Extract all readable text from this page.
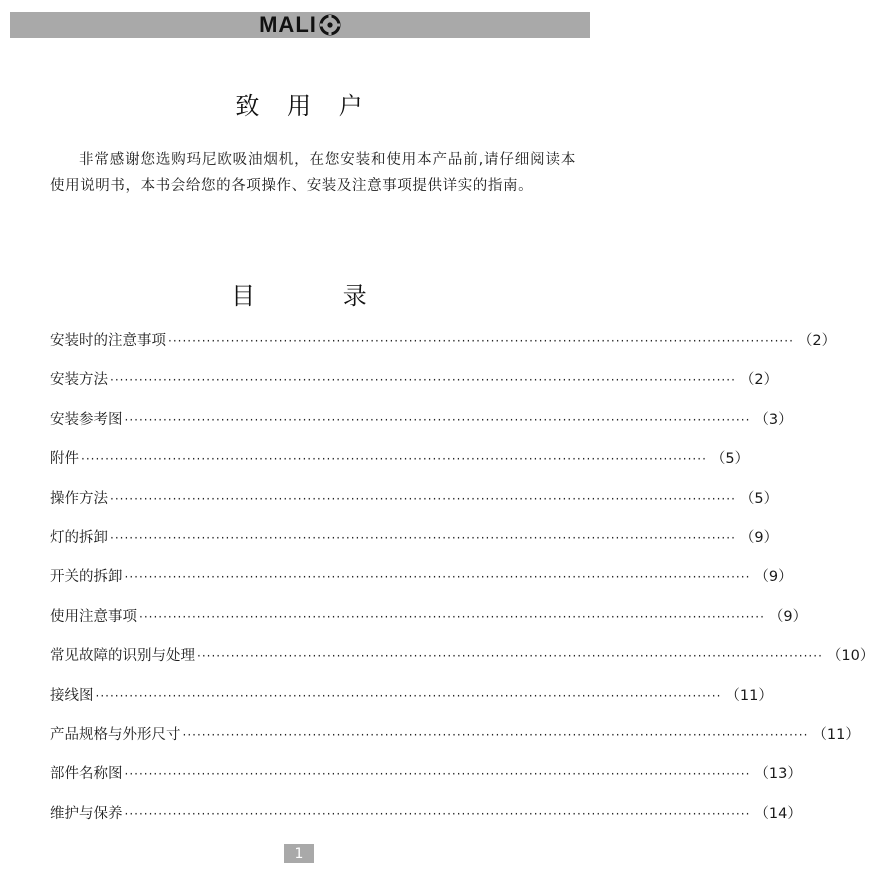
MALI
致 用 户

非常感谢您选购玛尼欧吸油烟机，在您安装和使用本产品前,请仔细阅读本使用说明书，本书会给您的各项操作、安装及注意事项提供详实的指南。

目 录
安装时的注意事项 ·································································································································· （2）
安装方法 ·································································································································· （2）
安装参考图 ·································································································································· （3）
附件 ·································································································································· （5）
操作方法 ·································································································································· （5）
灯的拆卸 ·································································································································· （9）
开关的拆卸 ·································································································································· （9）
使用注意事项 ·································································································································· （9）
常见故障的识别与处理 ·································································································································· （10）
接线图 ·································································································································· （11）
产品规格与外形尺寸 ·································································································································· （11）
部件名称图 ·································································································································· （13）
维护与保养 ·································································································································· （14）
1
